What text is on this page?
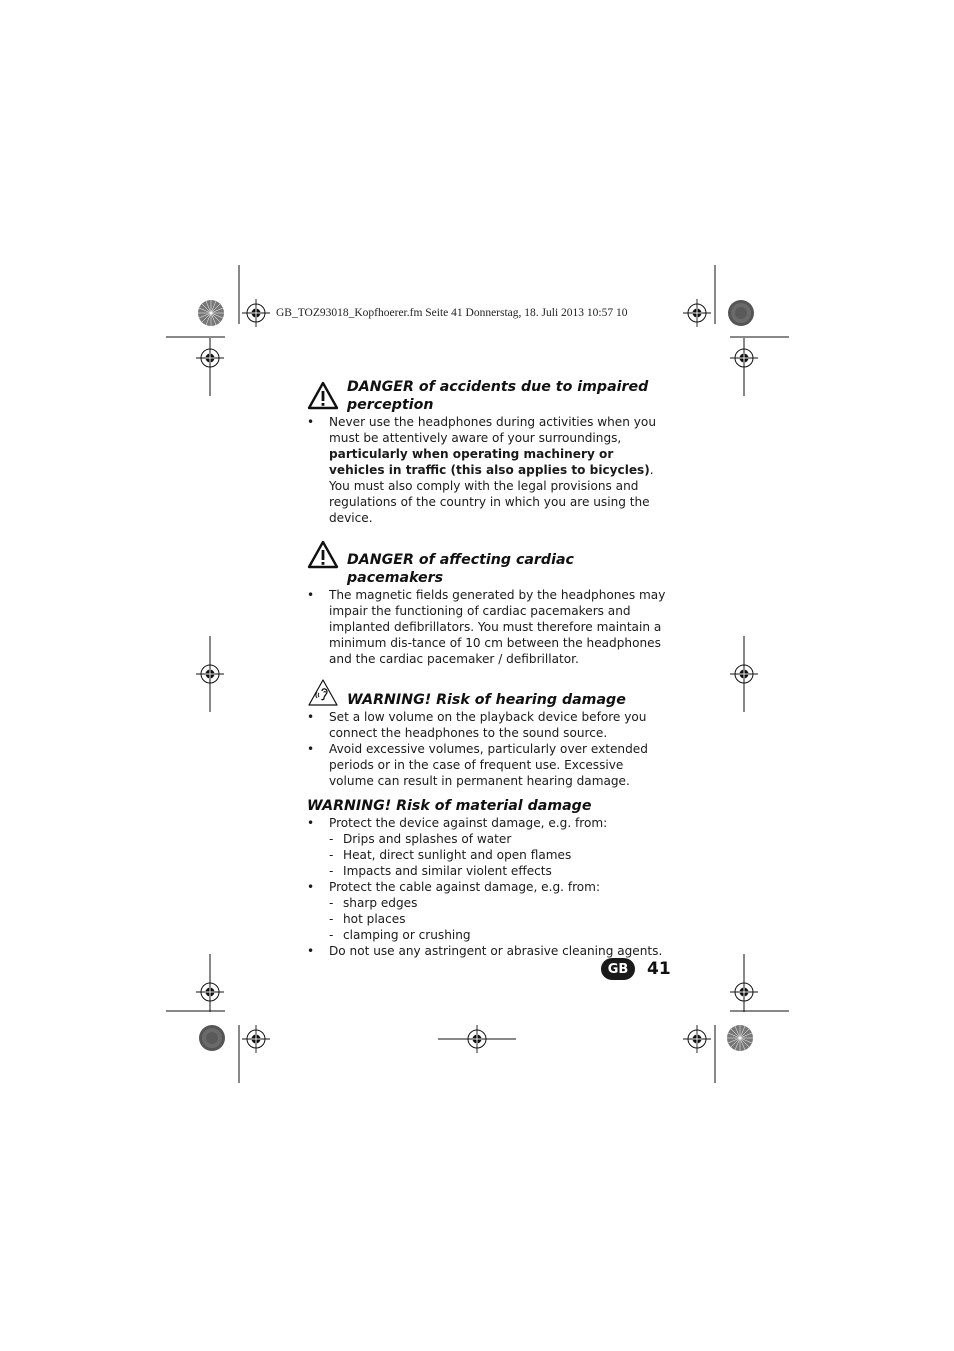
GB_TOZ93018_Kopfhoerer.fm Seite 41 Donnerstag, 18. Juli 2013 10:57 10
DANGER of accidents due to impaired perception
• Never use the headphones during activities when you must be attentively aware of your surroundings, particularly when operating machinery or vehicles in traffic (this also applies to bicycles). You must also comply with the legal provisions and regulations of the country in which you are using the device.
DANGER of affecting cardiac pacemakers
• The magnetic fields generated by the headphones may impair the functioning of cardiac pacemakers and implanted defibrillators. You must therefore maintain a minimum dis-tance of 10 cm between the headphones and the cardiac pacemaker / defibrillator.
WARNING! Risk of hearing damage
• Set a low volume on the playback device before you connect the headphones to the sound source.
• Avoid excessive volumes, particularly over extended periods or in the case of frequent use. Excessive volume can result in permanent hearing damage.
WARNING! Risk of material damage
• Protect the device against damage, e.g. from:
- Drips and splashes of water
- Heat, direct sunlight and open flames
- Impacts and similar violent effects
• Protect the cable against damage, e.g. from:
- sharp edges
- hot places
- clamping or crushing
• Do not use any astringent or abrasive cleaning agents.
GB	41
